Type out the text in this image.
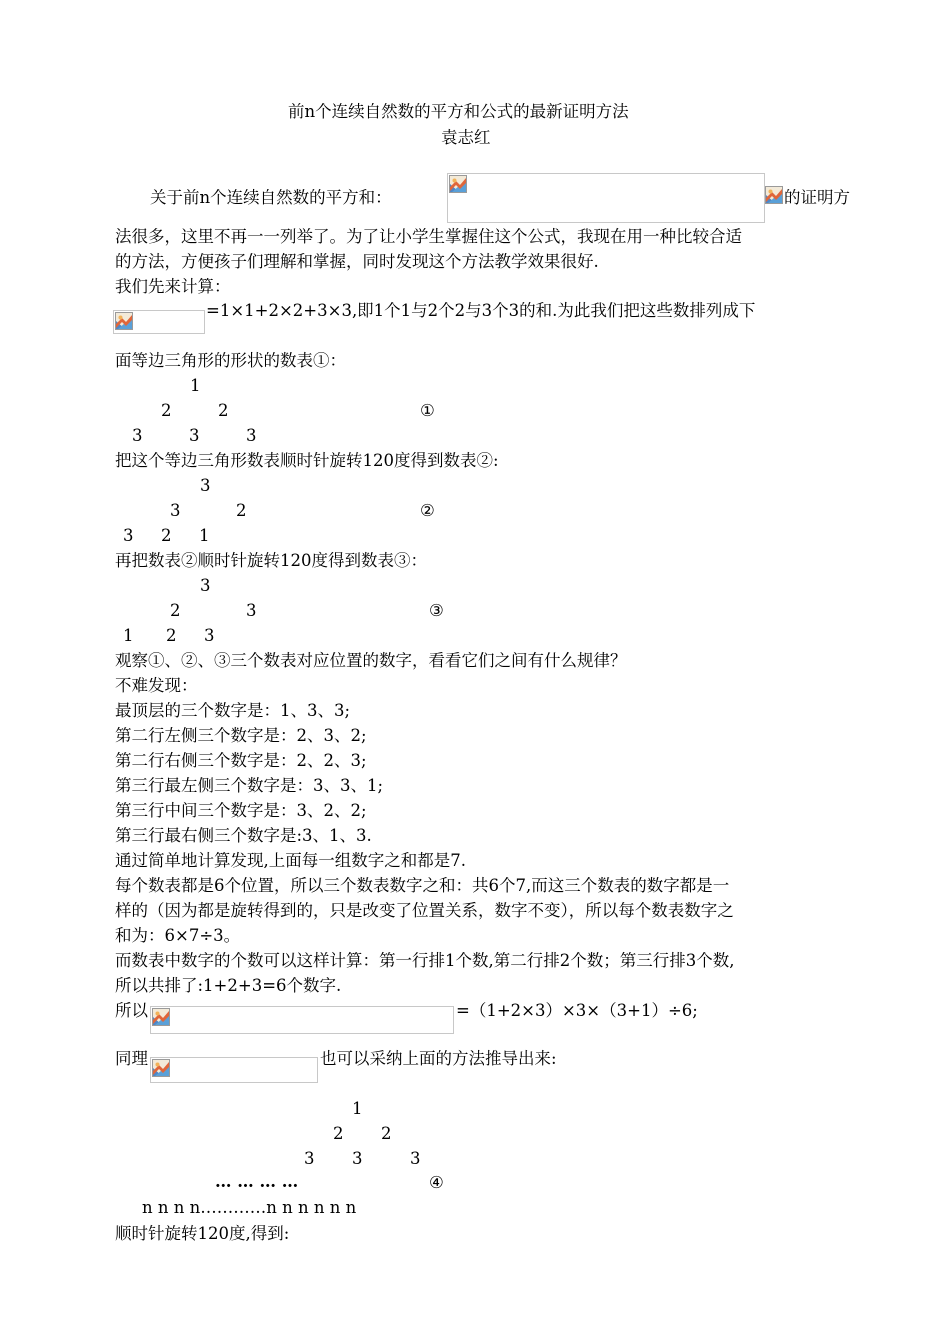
前n个连续自然数的平方和公式的最新证明方法
袁志红
关于前n个连续自然数的平方和：	的证明方
法很多，这里不再一一列举了。为了让小学生掌握住这个公式，我现在用一种比较合适
的方法，方便孩子们理解和掌握，同时发现这个方法教学效果很好.
我们先来计算：
=1×1+2×2+3×3,即1个1与2个2与3个3的和.为此我们把这些数排列成下
面等边三角形的形状的数表①：
1
2	2	①
3	3	3
把这个等边三角形数表顺时针旋转120度得到数表②:
3
3	2	②
3 2 1
再把数表②顺时针旋转120度得到数表③：
3
2	3	③
1 2 3
观察①、②、③三个数表对应位置的数字，看看它们之间有什么规律？
不难发现：
最顶层的三个数字是：1、3、3;
第二行左侧三个数字是：2、3、2;
第二行右侧三个数字是：2、2、3;
第三行最左侧三个数字是：3、3、1;
第三行中间三个数字是：3、2、2;
第三行最右侧三个数字是:3、1、3.
通过简单地计算发现,上面每一组数字之和都是7.
每个数表都是6个位置，所以三个数表数字之和：共6个7,而这三个数表的数字都是一
样的（因为都是旋转得到的，只是改变了位置关系，数字不变），所以每个数表数字之
和为：6×7÷3。
而数表中数字的个数可以这样计算：第一行排1个数,第二行排2个数；第三行排3个数,
所以共排了:1+2+3=6个数字.
所以	=（1+2×3）×3×（3+1）÷6;
同理	也可以采纳上面的方法推导出来:
1
2 2
3 3	3
… … … …	④
n n n n…………n n n n n n
顺时针旋转120度,得到:
